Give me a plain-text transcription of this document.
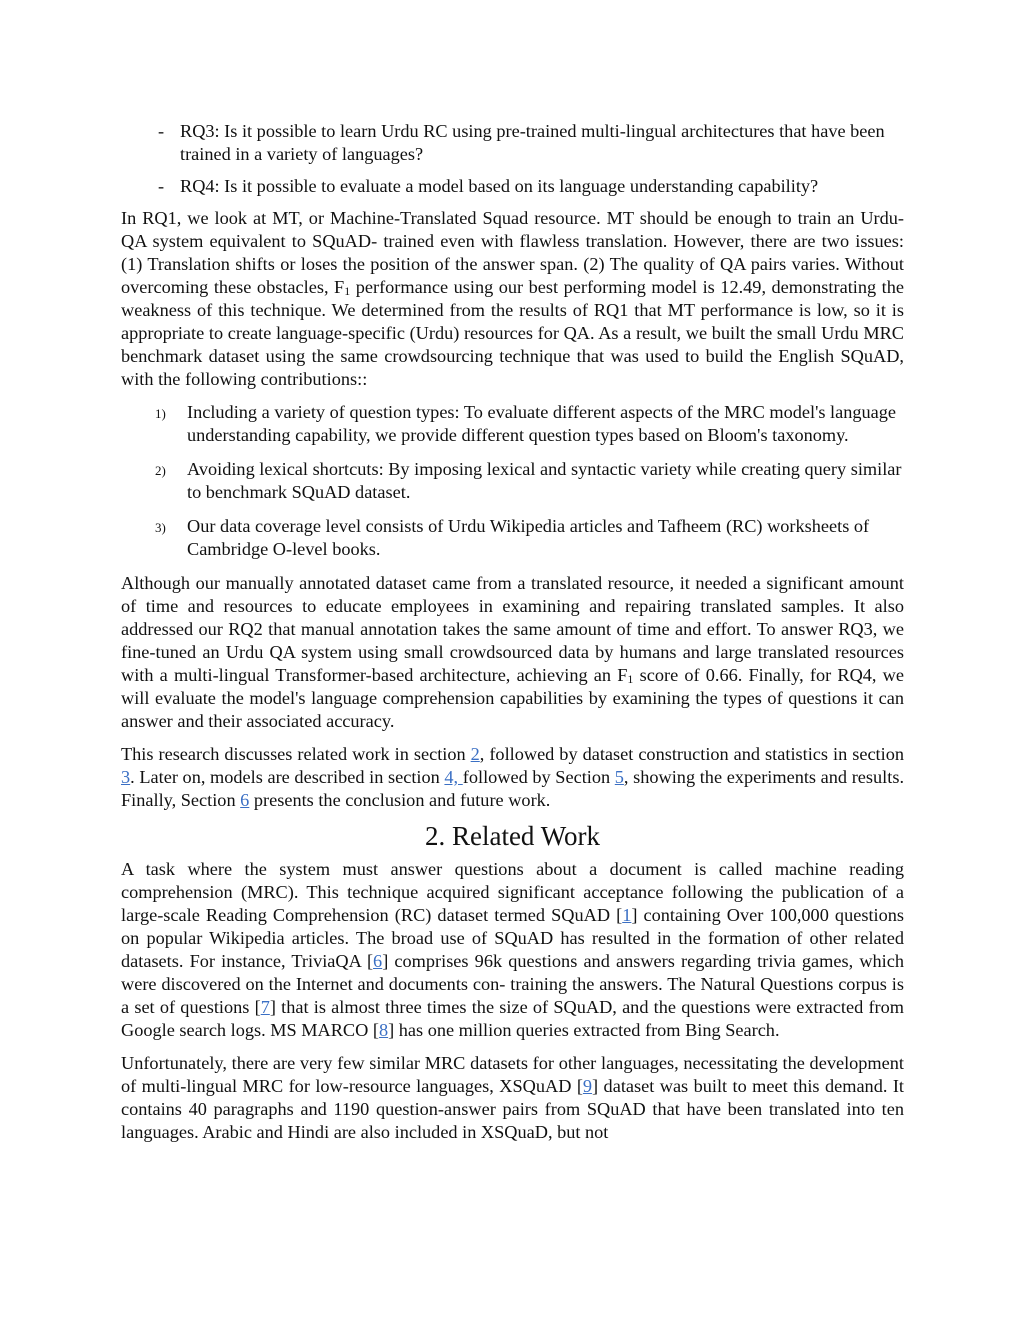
- RQ3: Is it possible to learn Urdu RC using pre-trained multi-lingual architectures that have been trained in a variety of languages?
- RQ4: Is it possible to evaluate a model based on its language understanding capability?

In RQ1, we look at MT, or Machine-Translated Squad resource. MT should be enough to train an Urdu-QA system equivalent to SQuAD- trained even with flawless translation. However, there are two issues: (1) Translation shifts or loses the position of the answer span. (2) The quality of QA pairs varies. Without overcoming these obstacles, $F_1$ performance using our best performing model is 12.49, demonstrating the weakness of this technique. We determined from the results of RQ1 that MT performance is low, so it is appropriate to create language-specific (Urdu) resources for QA. As a result, we built the small Urdu MRC benchmark dataset using the same crowdsourcing technique that was used to build the English SQuAD, with the following contributions::

1) Including a variety of question types: To evaluate different aspects of the MRC model's language understanding capability, we provide different question types based on Bloom's taxonomy.
2) Avoiding lexical shortcuts: By imposing lexical and syntactic variety while creating query similar to benchmark SQuAD dataset.
3) Our data coverage level consists of Urdu Wikipedia articles and Tafheem (RC) worksheets of Cambridge O-level books.

Although our manually annotated dataset came from a translated resource, it needed a significant amount of time and resources to educate employees in examining and repairing translated samples. It also addressed our RQ2 that manual annotation takes the same amount of time and effort. To answer RQ3, we fine-tuned an Urdu QA system using small crowdsourced data by humans and large translated resources with a multi-lingual Transformer-based architecture, achieving an $F_1$ score of 0.66. Finally, for RQ4, we will evaluate the model's language comprehension capabilities by examining the types of questions it can answer and their associated accuracy.

This research discusses related work in section 2, followed by dataset construction and statistics in section 3. Later on, models are described in section 4, followed by Section 5, showing the experiments and results. Finally, Section 6 presents the conclusion and future work.

2. Related Work

A task where the system must answer questions about a document is called machine reading comprehension (MRC). This technique acquired significant acceptance following the publication of a large-scale Reading Comprehension (RC) dataset termed SQuAD [1] containing Over 100,000 questions on popular Wikipedia articles. The broad use of SQuAD has resulted in the formation of other related datasets. For instance, TriviaQA [6] comprises 96k questions and answers regarding trivia games, which were discovered on the Internet and documents con- training the answers. The Natural Questions corpus is a set of questions [7] that is almost three times the size of SQuAD, and the questions were extracted from Google search logs. MS MARCO [8] has one million queries extracted from Bing Search.

Unfortunately, there are very few similar MRC datasets for other languages, necessitating the development of multi-lingual MRC for low-resource languages, XSQuAD [9] dataset was built to meet this demand. It contains 40 paragraphs and 1190 question-answer pairs from SQuAD that have been translated into ten languages. Arabic and Hindi are also included in XSQuaD, but not
